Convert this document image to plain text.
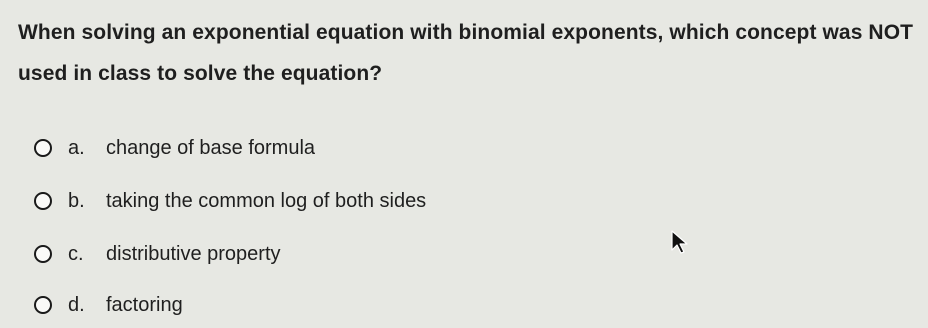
When solving an exponential equation with binomial exponents, which concept was NOT used in class to solve the equation?
a.	change of base formula
b.	taking the common log of both sides
c.	distributive property
d.	factoring
